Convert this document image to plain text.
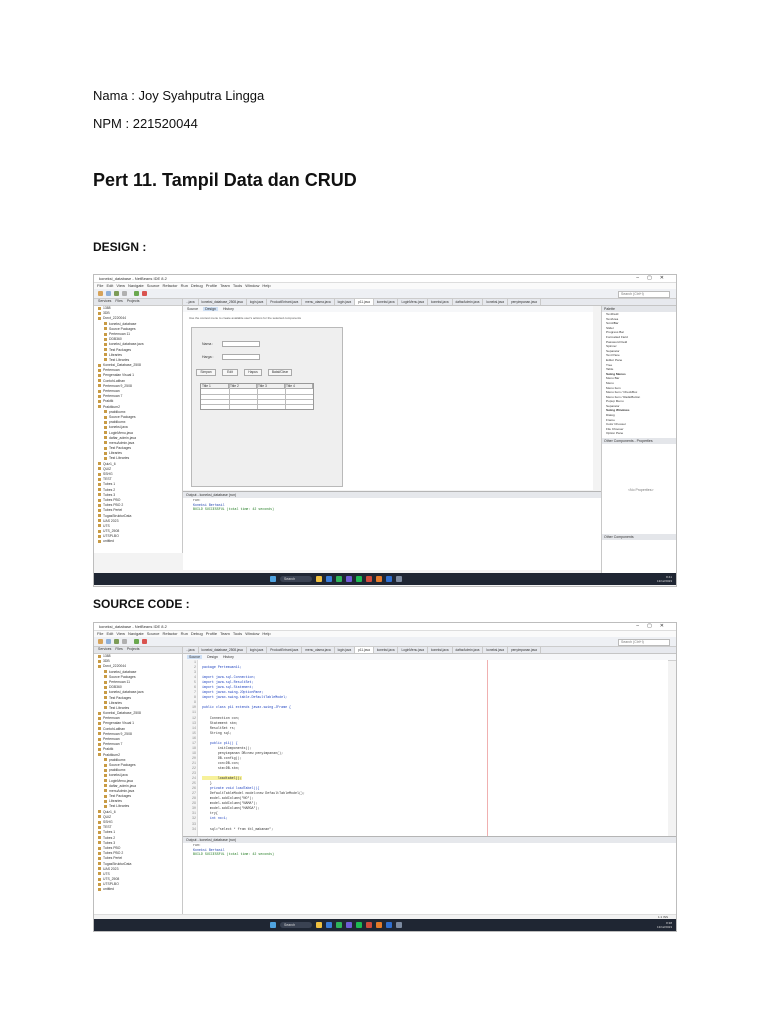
Nama : Joy Syahputra Lingga
NPM : 221520044
Pert 11. Tampil Data dan CRUD
DESIGN :
SOURCE CODE :
koneksi_database - NetBeans IDE 8.2	–▢✕
File Edit View Navigate Source Refactor Run Debug Profile Team Tools Window Help
Search (Ctrl+I)
Services Files Projects
1388
3DB
Dcrct_2220044
koneksi_database
Source Packages
Pertemuan 11
DDB360
koneksi_database.java
Test Packages
Libraries
Test Libraries
Koneksi_Database_2508
Pertemuan
Pengenalan Visual 1
ContohLatihan
Pertemuan 9_2508
Pertemuan
Pertemuan 7
Praktik
Praktikum2
praktikumx
Source Packages
praktikumx
koneksi.java
LoginMenu.java
daftar_admin.java
menuAdmin.java
Test Packages
Libraries
Test Libraries
Quiz1_6
QUIZ
SSHG
TEST
Tubes 1
Tubes 2
Tubes 3
Tubes PBO
Tubes PBO 2
Tubes Pertel
TugasStrukturData
UAS 2023
UTS
UTS_2508
UTSPLBO
untitled
...java koneksi_database_2508.java login.java ProductEntrant.java menu_utama.java login.java p11.java koneksi.java LoginMenu.java koneksi.java daftarAdmin.java koneksi.java penyimpanan.java
Source Design History
Use the context menu to create available user's actions for the selected components
Nama :
Harga :
Simpan	Edit	Hapus	Batal/Clear
Title 1	Title 2	Title 3	Title 4
Palette
TextField
TextArea
ScrollBar
Slider
Progress Bar
Formatted Field
Password Field
Spinner
Separator
Text Pane
Editor Pane
Tree
Table
Swing Menus
Menu Bar
Menu
Menu Item
Menu Item / CheckBox
Menu Item / RadioButton
Popup Menu
Separator
Swing Windows
Dialog
Frame
Color Chooser
File Chooser
Option Pane
Other Components - Properties
<No Properties>
Other Components
Output - koneksi_database (run)
run:
Koneksi Berhasil
BUILD SUCCESSFUL (total time: 42 seconds)
Search	8:41
13/12/2023
koneksi_database - NetBeans IDE 8.2	–▢✕
File Edit View Navigate Source Refactor Run Debug Profile Team Tools Window Help
Search (Ctrl+I)
Services Files Projects
1388
3DB
Dcrct_2220044
koneksi_database
Source Packages
Pertemuan 11
DDB360
koneksi_database.java
Test Packages
Libraries
Test Libraries
Koneksi_Database_2508
Pertemuan
Pengenalan Visual 1
ContohLatihan
Pertemuan 9_2508
Pertemuan
Pertemuan 7
Praktik
Praktikum2
praktikumx
Source Packages
praktikumx
koneksi.java
LoginMenu.java
daftar_admin.java
menuAdmin.java
Test Packages
Libraries
Test Libraries
Quiz1_6
QUIZ
SSHG
TEST
Tubes 1
Tubes 2
Tubes 3
Tubes PBO
Tubes PBO 2
Tubes Pertel
TugasStrukturData
UAS 2023
UTS
UTS_2508
UTSPLBO
untitled
...java koneksi_database_2508.java login.java ProductEntrant.java menu_utama.java login.java p11.java koneksi.java LoginMenu.java koneksi.java daftarAdmin.java koneksi.java penyimpanan.java
Source Design History
1
2 package Pertemuan11;
3
4 import java.sql.Connection;
5 import java.sql.ResultSet;
6 import java.sql.Statement;
7 import javax.swing.JOptionPane;
8 import javax.swing.table.DefaultTableModel;
9
10 public class p11 extends javax.swing.JFrame {
11
12    Connection con;
13    Statement stm;
14    ResultSet rs;
15    String sql;
16
17    public p11() {
18        initComponents();
19        penyimpanan DB=new penyimpanan();
20        DB.config();
21        con=DB.con;
22        stm=DB.stm;
23
24        loadtabel();
25    }
26    private void loadTabel(){
27    DefaultTableModel model=new DefaultTableModel();
28    model.addColumn("NO");
29    model.addColumn("NAMA");
30    model.addColumn("HARGA");
31    try{
32    int no=1;
33
34    sql="select * from tbl_makanan";
Output - koneksi_database (run)
run:
Koneksi Berhasil
BUILD SUCCESSFUL (total time: 42 seconds)
1:1 INS
Search	8:38
13/12/2023
